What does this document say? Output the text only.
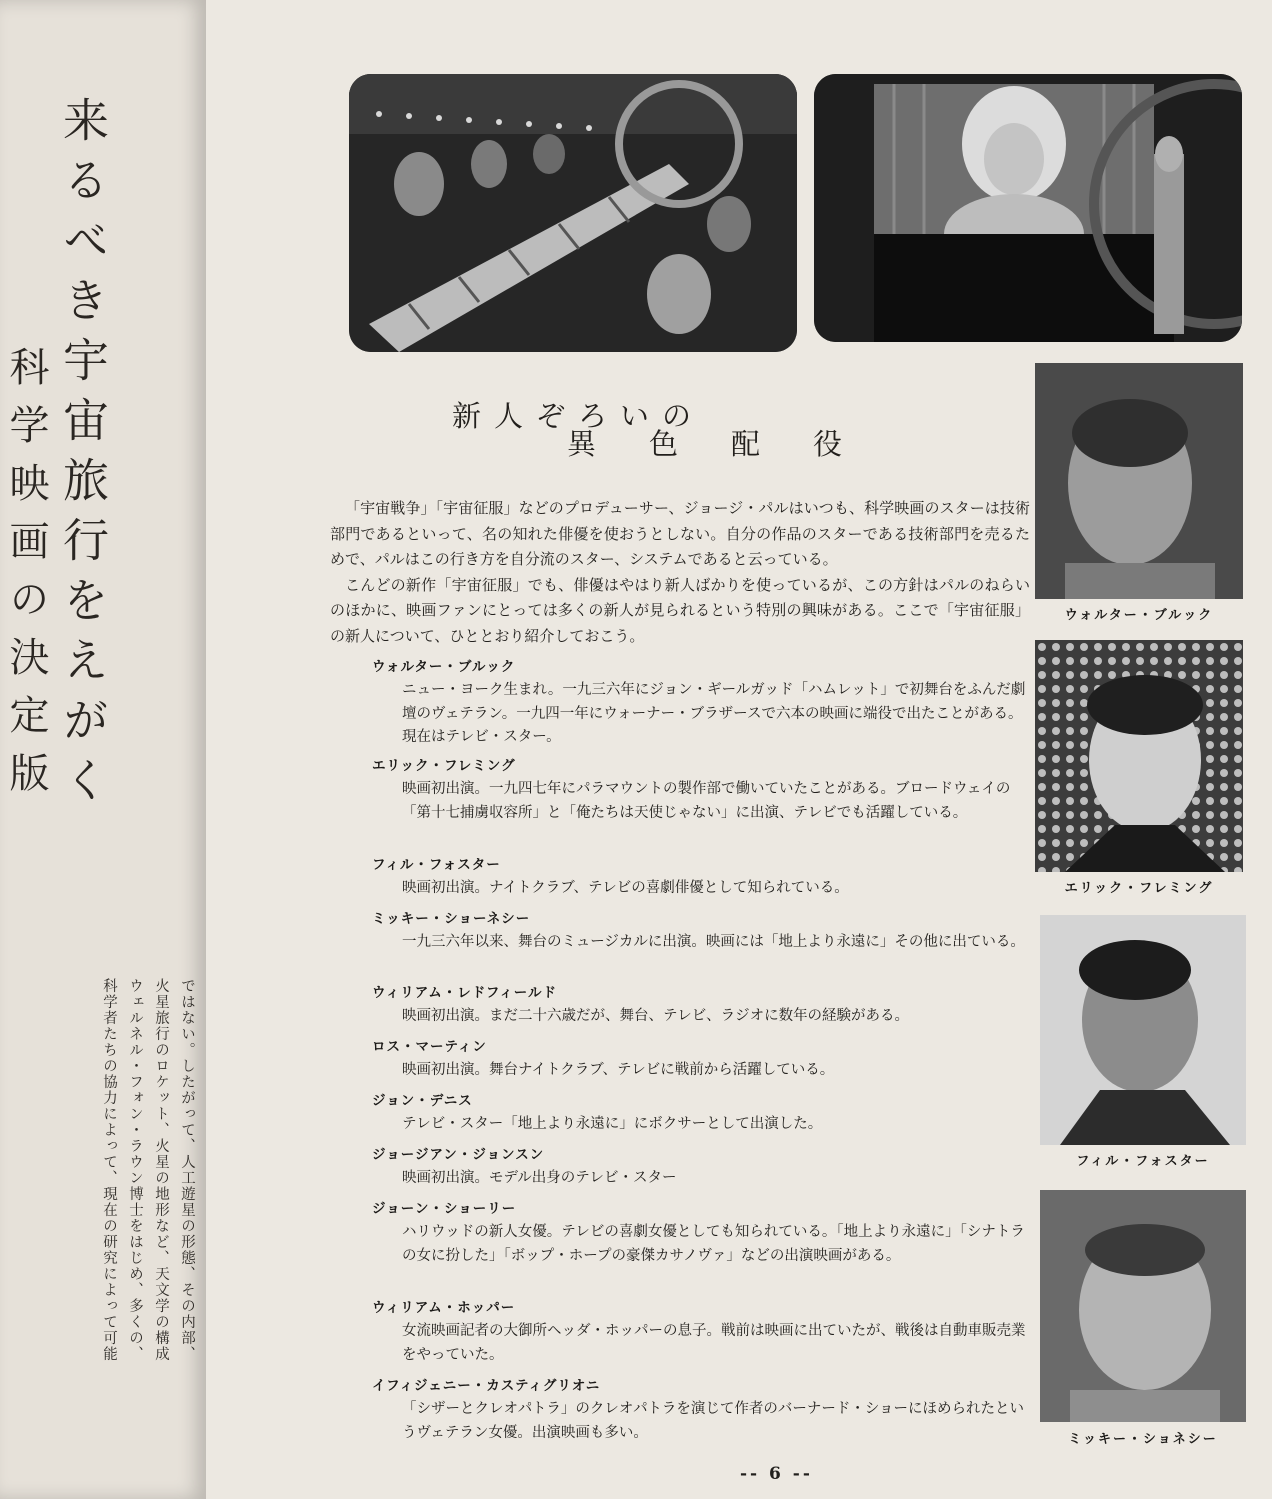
来るべき宇宙旅行をえがく
科学映画の決定版
ではない。したがって、人工遊星の形態、その内部、
火星旅行のロケット、火星の地形など、天文学の構成
ウェルネル・フォン・ラウン博士をはじめ、多くの、
科学者たちの協力によって、現在の研究によって可能
新人ぞろいの
異色配役

「宇宙戦争」「宇宙征服」などのプロデューサー、ジョージ・パルはいつも、科学映画のスターは技術部門であるといって、名の知れた俳優を使おうとしない。自分の作品のスターである技術部門を売るためで、パルはこの行き方を自分流のスター、システムであると云っている。

こんどの新作「宇宙征服」でも、俳優はやはり新人ばかりを使っているが、この方針はパルのねらいのほかに、映画ファンにとっては多くの新人が見られるという特別の興味がある。ここで「宇宙征服」の新人について、ひととおり紹介しておこう。

ウォルター・ブルック
ニュー・ヨーク生まれ。一九三六年にジョン・ギールガッド「ハムレット」で初舞台をふんだ劇壇のヴェテラン。一九四一年にウォーナー・ブラザースで六本の映画に端役で出たことがある。現在はテレビ・スター。
エリック・フレミング
映画初出演。一九四七年にパラマウントの製作部で働いていたことがある。ブロードウェイの「第十七捕虜収容所」と「俺たちは天使じゃない」に出演、テレビでも活躍している。
フィル・フォスター
映画初出演。ナイトクラブ、テレビの喜劇俳優として知られている。
ミッキー・ショーネシー
一九三六年以来、舞台のミュージカルに出演。映画には「地上より永遠に」その他に出ている。
ウィリアム・レドフィールド
映画初出演。まだ二十六歳だが、舞台、テレビ、ラジオに数年の経験がある。
ロス・マーティン
映画初出演。舞台ナイトクラブ、テレビに戦前から活躍している。
ジョン・デニス
テレビ・スター「地上より永遠に」にボクサーとして出演した。
ジョージアン・ジョンスン
映画初出演。モデル出身のテレビ・スター
ジョーン・ショーリー
ハリウッドの新人女優。テレビの喜劇女優としても知られている。「地上より永遠に」「シナトラの女に扮した」「ボップ・ホープの豪傑カサノヴァ」などの出演映画がある。
ウィリアム・ホッパー
女流映画記者の大御所ヘッダ・ホッパーの息子。戦前は映画に出ていたが、戦後は自動車販売業をやっていた。
イフィジェニー・カスティグリオニ
「シザーとクレオパトラ」のクレオパトラを演じて作者のバーナード・ショーにほめられたというヴェテラン女優。出演映画も多い。
ウォルター・ブルック
エリック・フレミング
フィル・フォスター
ミッキー・ショネシー
-- 6 --
